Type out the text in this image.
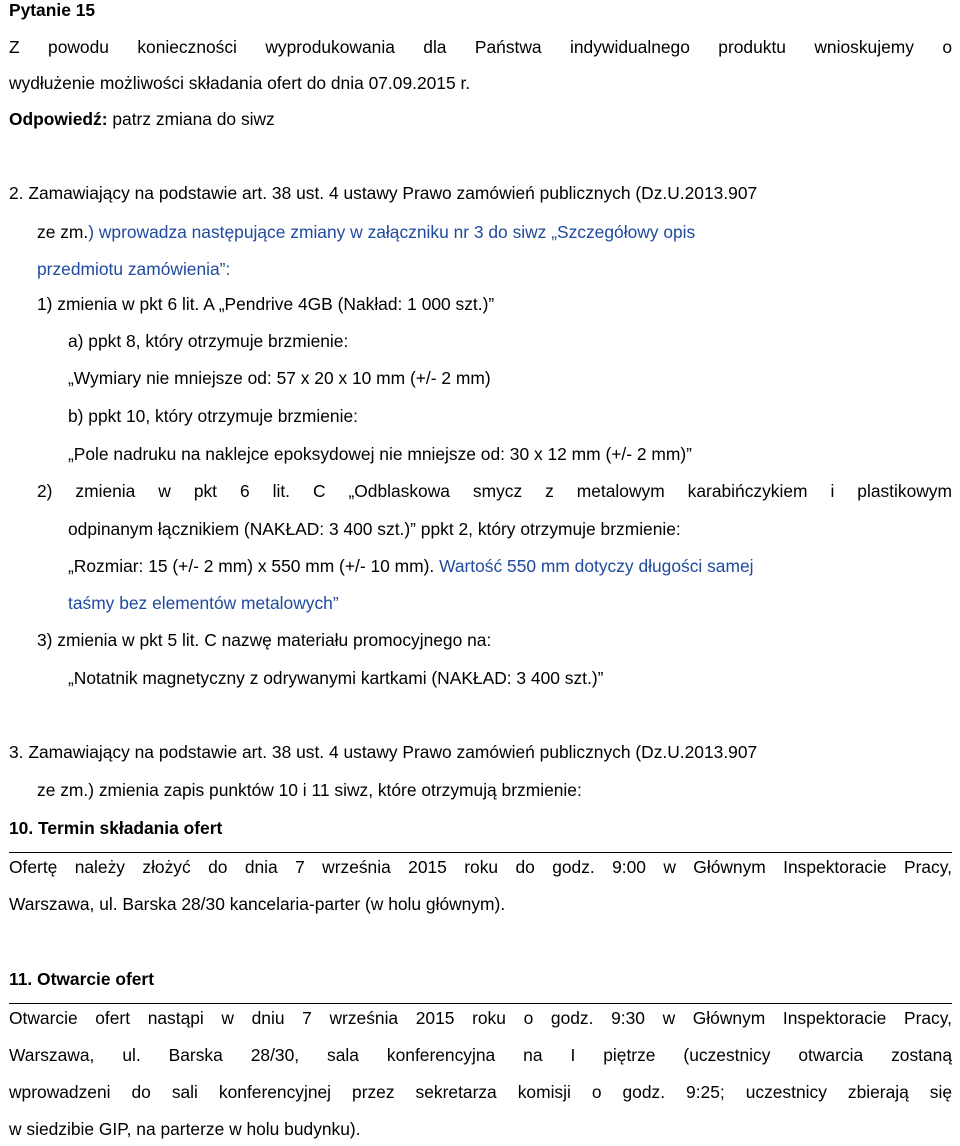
Pytanie 15
Z powodu konieczności wyprodukowania dla Państwa indywidualnego produktu wnioskujemy o
wydłużenie możliwości składania ofert do dnia 07.09.2015 r.
Odpowiedź: patrz zmiana do siwz
2. Zamawiający na podstawie art. 38 ust. 4 ustawy Prawo zamówień publicznych (Dz.U.2013.907
ze zm.) wprowadza następujące zmiany w załączniku nr 3 do siwz „Szczegółowy opis
przedmiotu zamówienia”:
1) zmienia w pkt 6 lit. A „Pendrive 4GB (Nakład: 1 000 szt.)”
a) ppkt 8, który otrzymuje brzmienie:
„Wymiary nie mniejsze od: 57 x 20 x 10 mm (+/- 2 mm)
b) ppkt 10, który otrzymuje brzmienie:
„Pole nadruku na naklejce epoksydowej nie mniejsze od: 30 x 12 mm (+/- 2 mm)”
2) zmienia w pkt 6 lit. C „Odblaskowa smycz z metalowym karabińczykiem i plastikowym
odpinanym łącznikiem (NAKŁAD: 3 400 szt.)” ppkt 2, który otrzymuje brzmienie:
„Rozmiar: 15 (+/- 2 mm) x 550 mm (+/- 10 mm). Wartość 550 mm dotyczy długości samej
taśmy bez elementów metalowych”
3) zmienia w pkt 5 lit. C nazwę materiału promocyjnego na:
„Notatnik magnetyczny z odrywanymi kartkami (NAKŁAD: 3 400 szt.)”
3. Zamawiający na podstawie art. 38 ust. 4 ustawy Prawo zamówień publicznych (Dz.U.2013.907
ze zm.) zmienia zapis punktów 10 i 11 siwz, które otrzymują brzmienie:
10. Termin składania ofert
Ofertę należy złożyć do dnia 7 września 2015 roku do godz. 9:00 w Głównym Inspektoracie Pracy,
Warszawa, ul. Barska 28/30 kancelaria-parter (w holu głównym).
11. Otwarcie ofert
Otwarcie ofert nastąpi w dniu 7 września 2015 roku o godz. 9:30 w Głównym Inspektoracie Pracy,
Warszawa, ul. Barska 28/30, sala konferencyjna na I piętrze (uczestnicy otwarcia zostaną
wprowadzeni do sali konferencyjnej przez sekretarza komisji o godz. 9:25; uczestnicy zbierają się
w siedzibie GIP, na parterze w holu budynku).
